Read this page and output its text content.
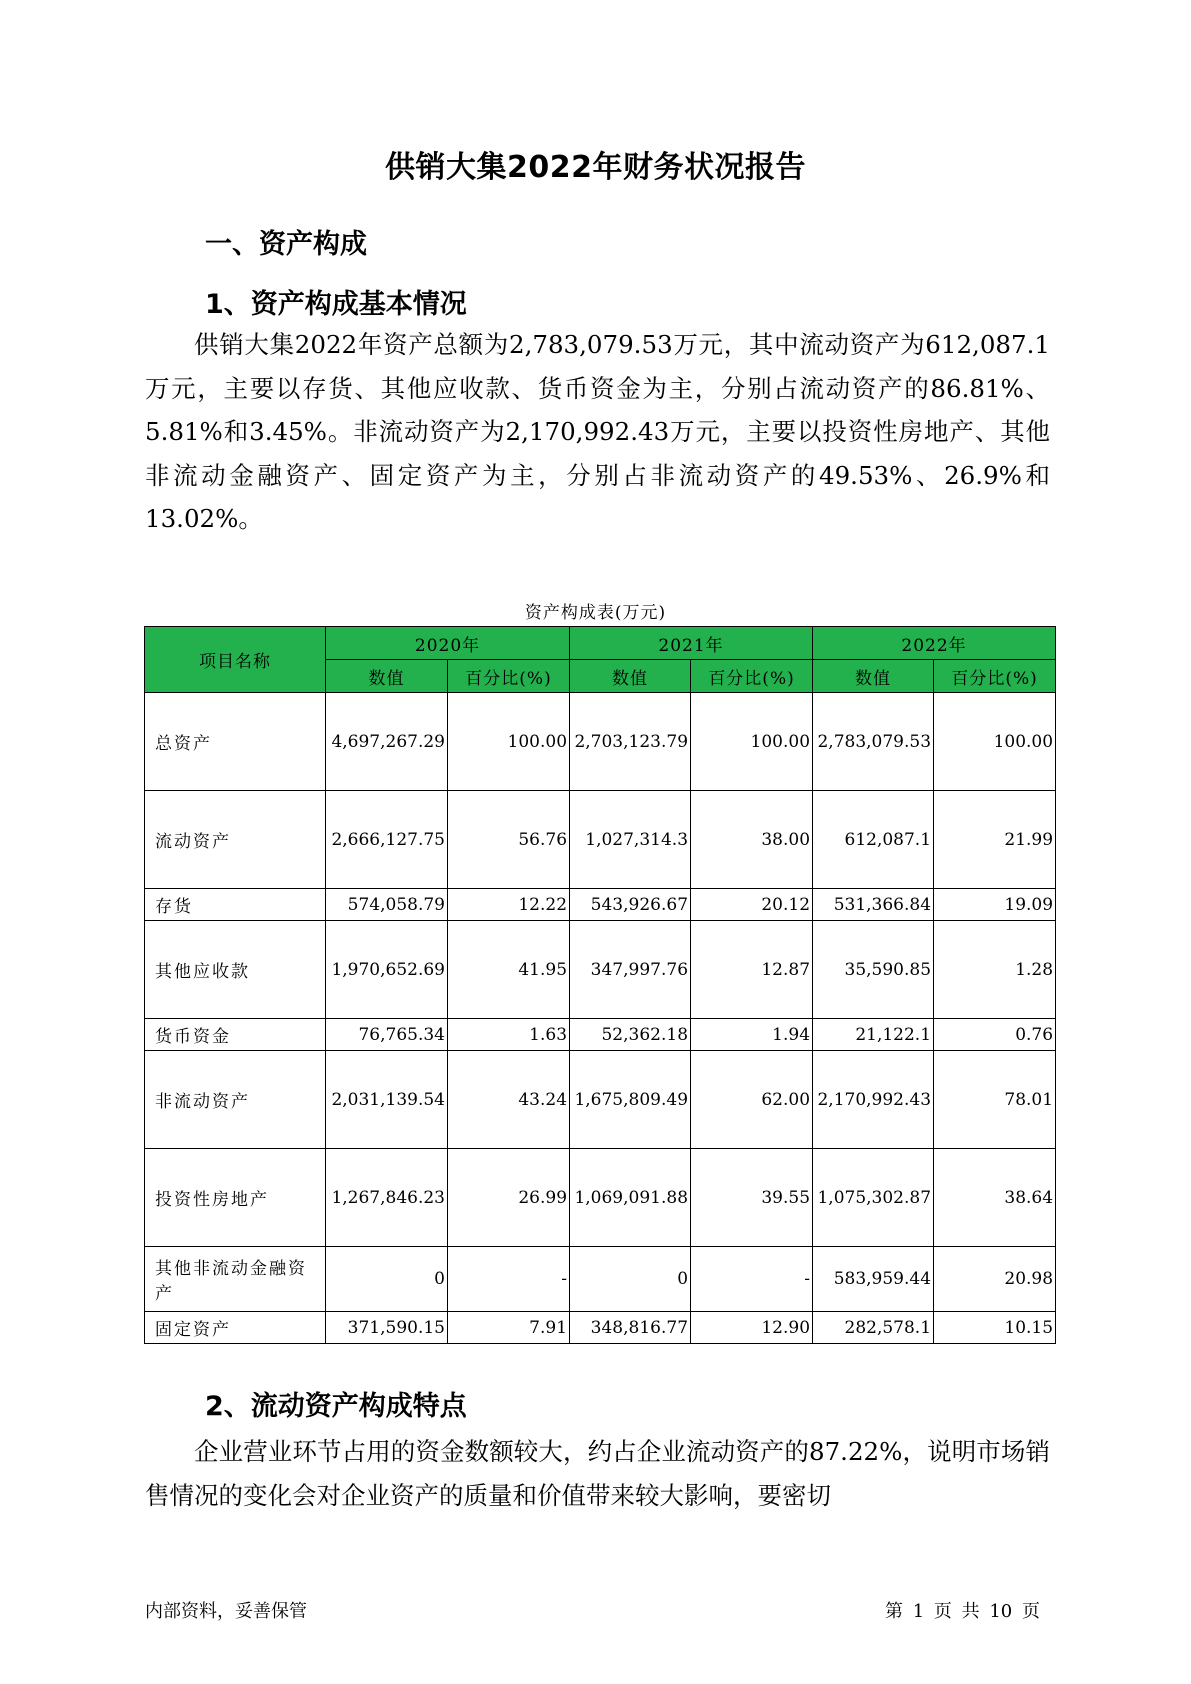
供销大集2022年财务状况报告
一、资产构成
1、资产构成基本情况

供销大集2022年资产总额为2,783,079.53万元，其中流动资产为612,087.1万元，主要以存货、其他应收款、货币资金为主，分别占流动资产的86.81%、5.81%和3.45%。非流动资产为2,170,992.43万元，主要以投资性房地产、其他非流动金融资产、固定资产为主，分别占非流动资产的49.53%、26.9%和13.02%。

资产构成表(万元)
项目名称	2020年		2021年		2022年	
	数值	百分比(%)	数值	百分比(%)	数值	百分比(%)
总资产	4,697,267.29	100.00	2,703,123.79	100.00	2,783,079.53	100.00
流动资产	2,666,127.75	56.76	1,027,314.3	38.00	612,087.1	21.99
存货	574,058.79	12.22	543,926.67	20.12	531,366.84	19.09
其他应收款	1,970,652.69	41.95	347,997.76	12.87	35,590.85	1.28
货币资金	76,765.34	1.63	52,362.18	1.94	21,122.1	0.76
非流动资产	2,031,139.54	43.24	1,675,809.49	62.00	2,170,992.43	78.01
投资性房地产	1,267,846.23	26.99	1,069,091.88	39.55	1,075,302.87	38.64
其他非流动金融资产	0	-	0	-	583,959.44	20.98
固定资产	371,590.15	7.91	348,816.77	12.90	282,578.1	10.15
2、流动资产构成特点

企业营业环节占用的资金数额较大，约占企业流动资产的87.22%，说明市场销售情况的变化会对企业资产的质量和价值带来较大影响，要密切

内部资料，妥善保管	第 1 页 共 10 页
